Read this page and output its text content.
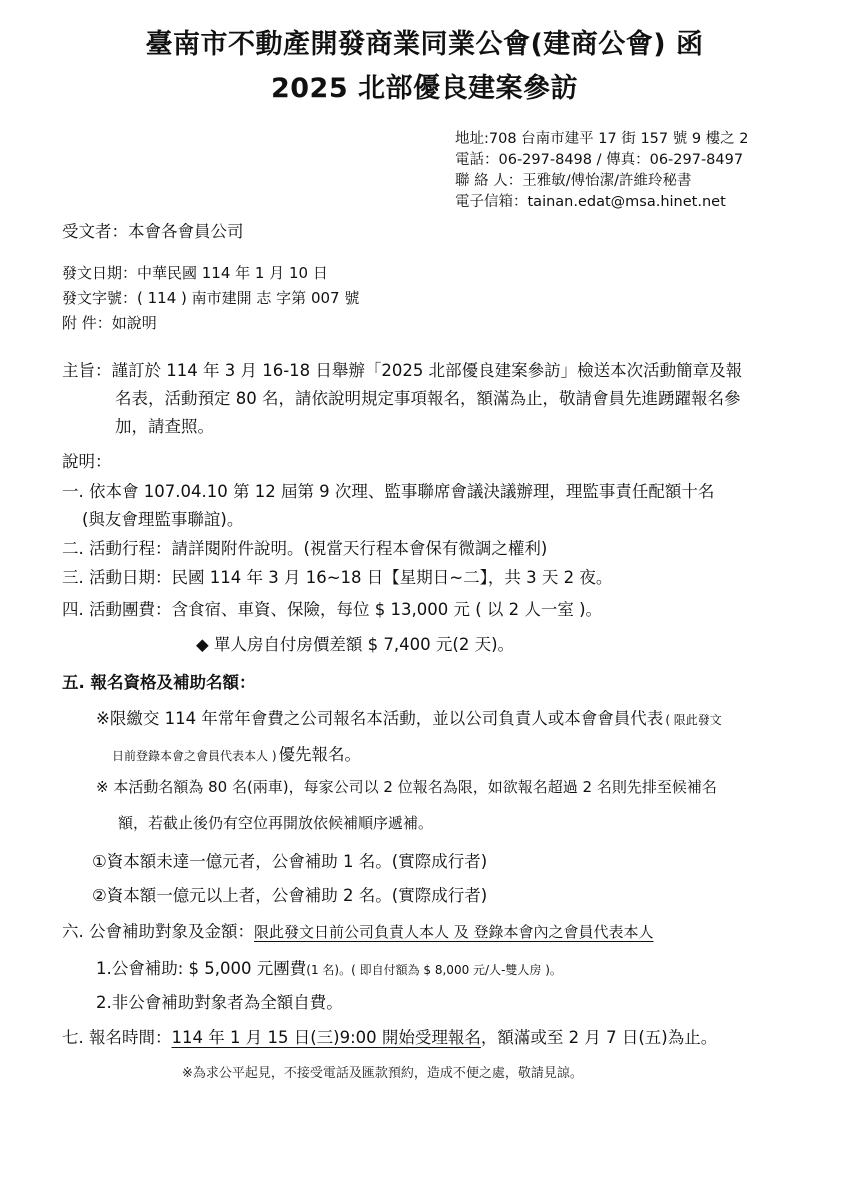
臺南市不動產開發商業同業公會(建商公會) 函
2025 北部優良建案參訪
地址:708 台南市建平 17 街 157 號 9 樓之 2
電話：06-297-8498 / 傳真：06-297-8497
聯 絡 人：王雅敏/傅怡潔/許維玲秘書
電子信箱：tainan.edat@msa.hinet.net
受文者：本會各會員公司
發文日期：中華民國 114 年 1 月 10 日
發文字號：( 114 ) 南市建開 志 字第 007 號
附 件：如說明
主旨：謹訂於 114 年 3 月 16-18 日舉辦「2025 北部優良建案參訪」檢送本次活動簡章及報
名表，活動預定 80 名，請依說明規定事項報名，額滿為止，敬請會員先進踴躍報名參
加，請查照。
說明：
一. 依本會 107.04.10 第 12 屆第 9 次理、監事聯席會議決議辦理，理監事責任配額十名
(與友會理監事聯誼)。
二. 活動行程：請詳閱附件說明。(視當天行程本會保有微調之權利)
三. 活動日期：民國 114 年 3 月 16~18 日【星期日~二】，共 3 天 2 夜。
四. 活動團費：含食宿、車資、保險，每位 $ 13,000 元 ( 以 2 人一室 )。
◆ 單人房自付房價差額 $ 7,400 元(2 天)。
五. 報名資格及補助名額：
※限繳交 114 年常年會費之公司報名本活動，並以公司負責人或本會會員代表 ( 限此發文
日前登錄本會之會員代表本人 ) 優先報名。
※ 本活動名額為 80 名(兩車)，每家公司以 2 位報名為限，如欲報名超過 2 名則先排至候補名
額，若截止後仍有空位再開放依候補順序遞補。
①資本額未達一億元者，公會補助 1 名。(實際成行者)
②資本額一億元以上者，公會補助 2 名。(實際成行者)
六. 公會補助對象及金額：限此發文日前公司負責人本人 及 登錄本會內之會員代表本人
1.公會補助: $ 5,000 元團費(1 名)。( 即自付額為 $ 8,000 元/人-雙人房 )。
2.非公會補助對象者為全額自費。
七. 報名時間：114 年 1 月 15 日(三)9:00 開始受理報名，額滿或至 2 月 7 日(五)為止。
※為求公平起見，不接受電話及匯款預約，造成不便之處，敬請見諒。
